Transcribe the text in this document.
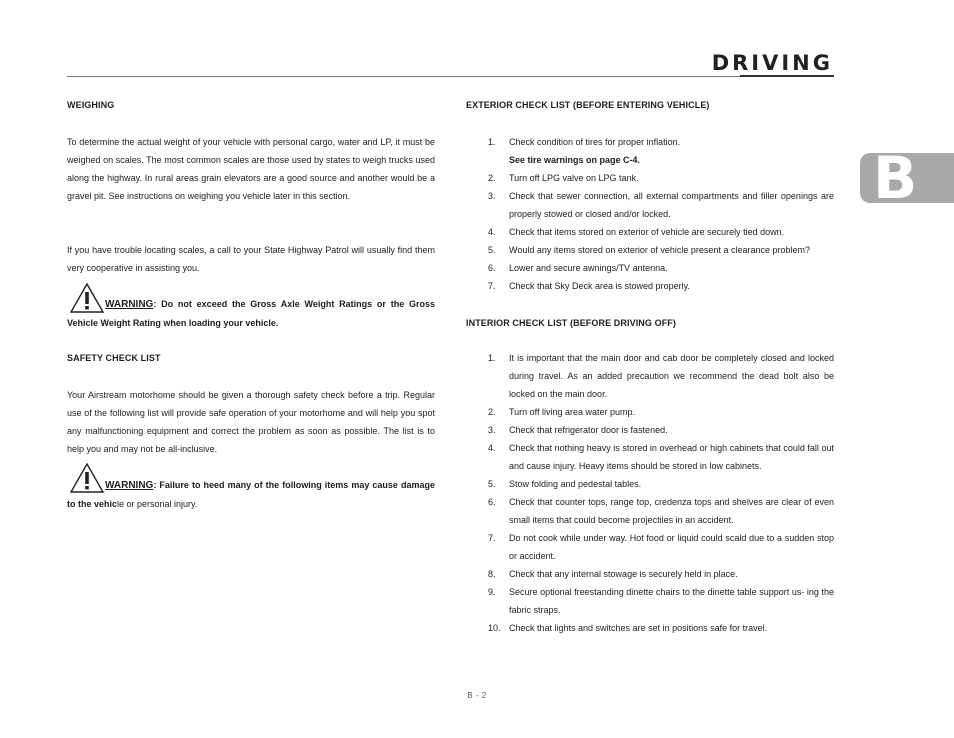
DRIVING
B
WEIGHING
To determine the actual weight of your vehicle with personal cargo, water and LP, it must be weighed on scales. The most common scales are those used by states to weigh trucks used along the highway. In rural areas grain elevators are a good source and another would be a gravel pit. See instructions on weighing you vehicle later in this section.
If you have trouble locating scales, a call to your State Highway Patrol will usually find them very cooperative in assisting you.
WARNING: Do not exceed the Gross Axle Weight Ratings or the Gross Vehicle Weight Rating when loading your vehicle.
SAFETY CHECK LIST
Your Airstream motorhome should be given a thorough safety check before a trip. Regular use of the following list will provide safe operation of your motorhome and will help you spot any malfunctioning equipment and correct the problem as soon as possible. The list is to help you and may not be all-inclusive.
WARNING: Failure to heed many of the following items may cause damage to the vehicle or personal injury.
EXTERIOR CHECK LIST (BEFORE ENTERING VEHICLE)
1.	Check condition of tires for proper inflation.
See tire warnings on page C-4.
2.	Turn off LPG valve on LPG tank.
3.	Check that sewer connection, all external compartments and filler openings are properly stowed or closed and/or locked.
4.	Check that items stored on exterior of vehicle are securely tied down.
5.	Would any items stored on exterior of vehicle present a clearance problem?
6.	Lower and secure awnings/TV antenna.
7.	Check that Sky Deck area is stowed properly.
INTERIOR CHECK LIST (BEFORE DRIVING OFF)
1.	It is important that the main door and cab door be completely closed and locked during travel. As an added precaution we recommend the dead bolt also be locked on the main door.
2.	Turn off living area water pump.
3.	Check that refrigerator door is fastened.
4.	Check that nothing heavy is stored in overhead or high cabinets that could fall out and cause injury. Heavy items should be stored in low cabinets.
5.	Stow folding and pedestal tables.
6.	Check that counter tops, range top, credenza tops and shelves are clear of even small items that could become projectiles in an accident.
7.	Do not cook while under way. Hot food or liquid could scald due to a sudden stop or accident.
8.	Check that any internal stowage is securely held in place.
9.	Secure optional freestanding dinette chairs to the dinette table support us- ing the fabric straps.
10. Check that lights and switches are set in positions safe for travel.
B - 2
